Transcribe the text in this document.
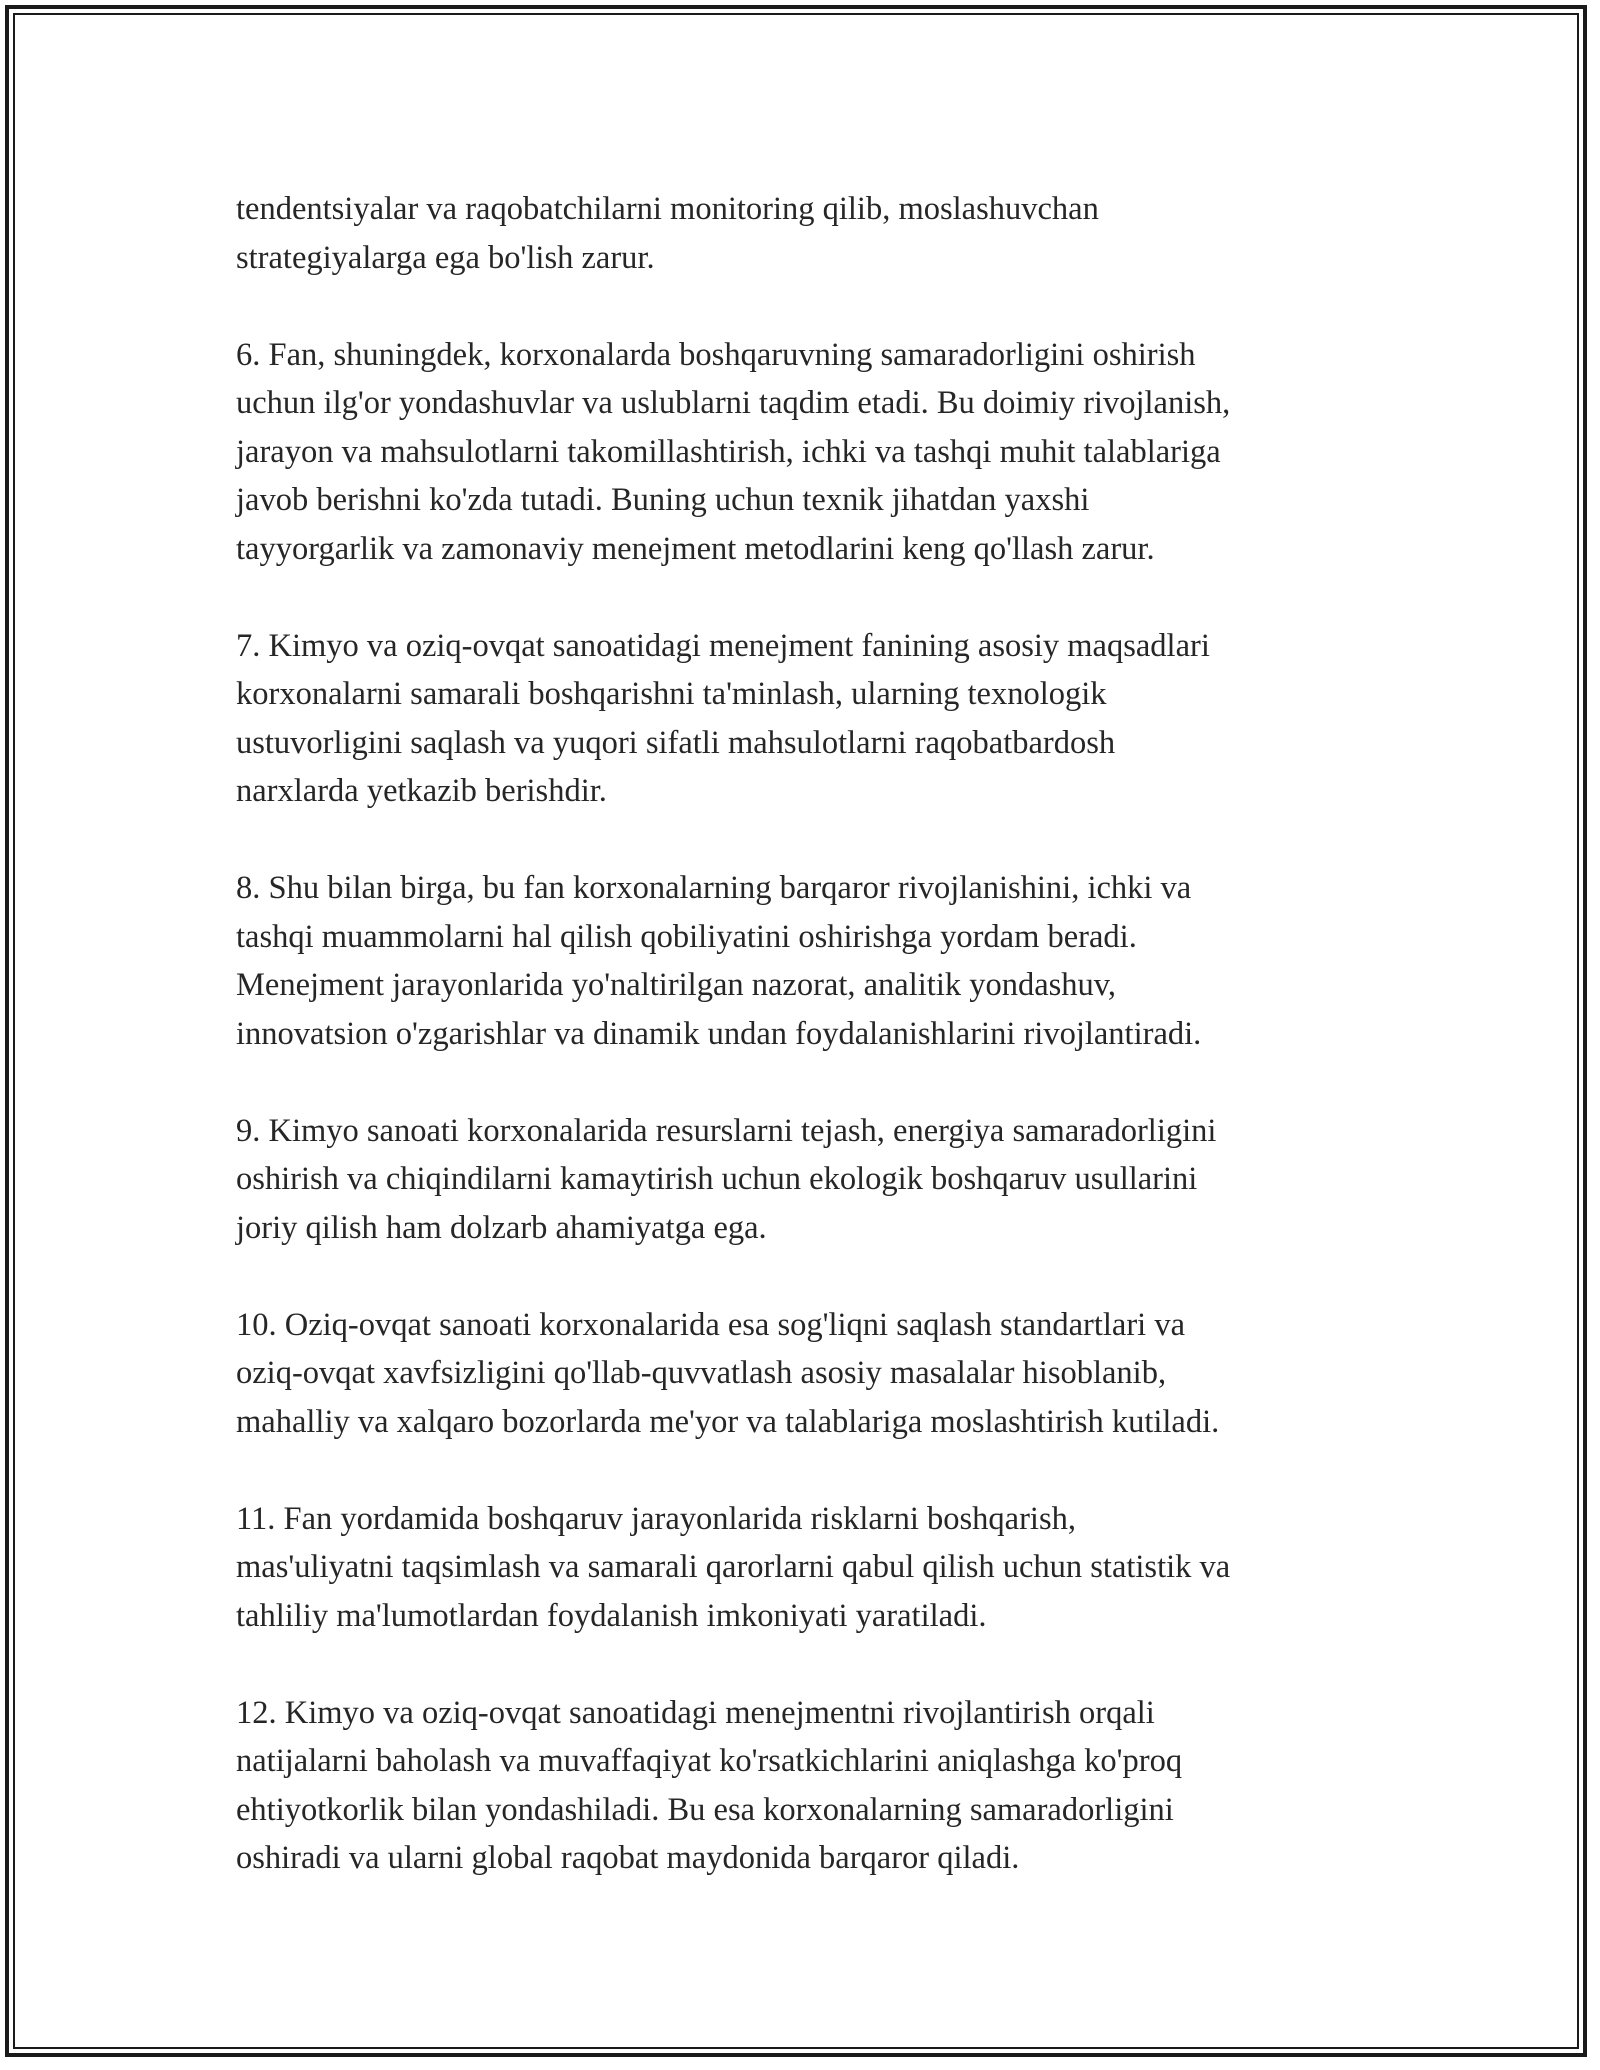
tendentsiyalar va raqobatchilarni monitoring qilib, moslashuvchan
strategiyalarga ega bo'lish zarur.

6. Fan, shuningdek, korxonalarda boshqaruvning samaradorligini oshirish
uchun ilg'or yondashuvlar va uslublarni taqdim etadi. Bu doimiy rivojlanish,
jarayon va mahsulotlarni takomillashtirish, ichki va tashqi muhit talablariga
javob berishni ko'zda tutadi. Buning uchun texnik jihatdan yaxshi
tayyorgarlik va zamonaviy menejment metodlarini keng qo'llash zarur.

7. Kimyo va oziq-ovqat sanoatidagi menejment fanining asosiy maqsadlari
korxonalarni samarali boshqarishni ta'minlash, ularning texnologik
ustuvorligini saqlash va yuqori sifatli mahsulotlarni raqobatbardosh
narxlarda yetkazib berishdir.

8. Shu bilan birga, bu fan korxonalarning barqaror rivojlanishini, ichki va
tashqi muammolarni hal qilish qobiliyatini oshirishga yordam beradi.
Menejment jarayonlarida yo'naltirilgan nazorat, analitik yondashuv,
innovatsion o'zgarishlar va dinamik undan foydalanishlarini rivojlantiradi.

9. Kimyo sanoati korxonalarida resurslarni tejash, energiya samaradorligini
oshirish va chiqindilarni kamaytirish uchun ekologik boshqaruv usullarini
joriy qilish ham dolzarb ahamiyatga ega.

10. Oziq-ovqat sanoati korxonalarida esa sog'liqni saqlash standartlari va
oziq-ovqat xavfsizligini qo'llab-quvvatlash asosiy masalalar hisoblanib,
mahalliy va xalqaro bozorlarda me'yor va talablariga moslashtirish kutiladi.

11. Fan yordamida boshqaruv jarayonlarida risklarni boshqarish,
mas'uliyatni taqsimlash va samarali qarorlarni qabul qilish uchun statistik va
tahliliy ma'lumotlardan foydalanish imkoniyati yaratiladi.

12. Kimyo va oziq-ovqat sanoatidagi menejmentni rivojlantirish orqali
natijalarni baholash va muvaffaqiyat ko'rsatkichlarini aniqlashga ko'proq
ehtiyotkorlik bilan yondashiladi. Bu esa korxonalarning samaradorligini
oshiradi va ularni global raqobat maydonida barqaror qiladi.
